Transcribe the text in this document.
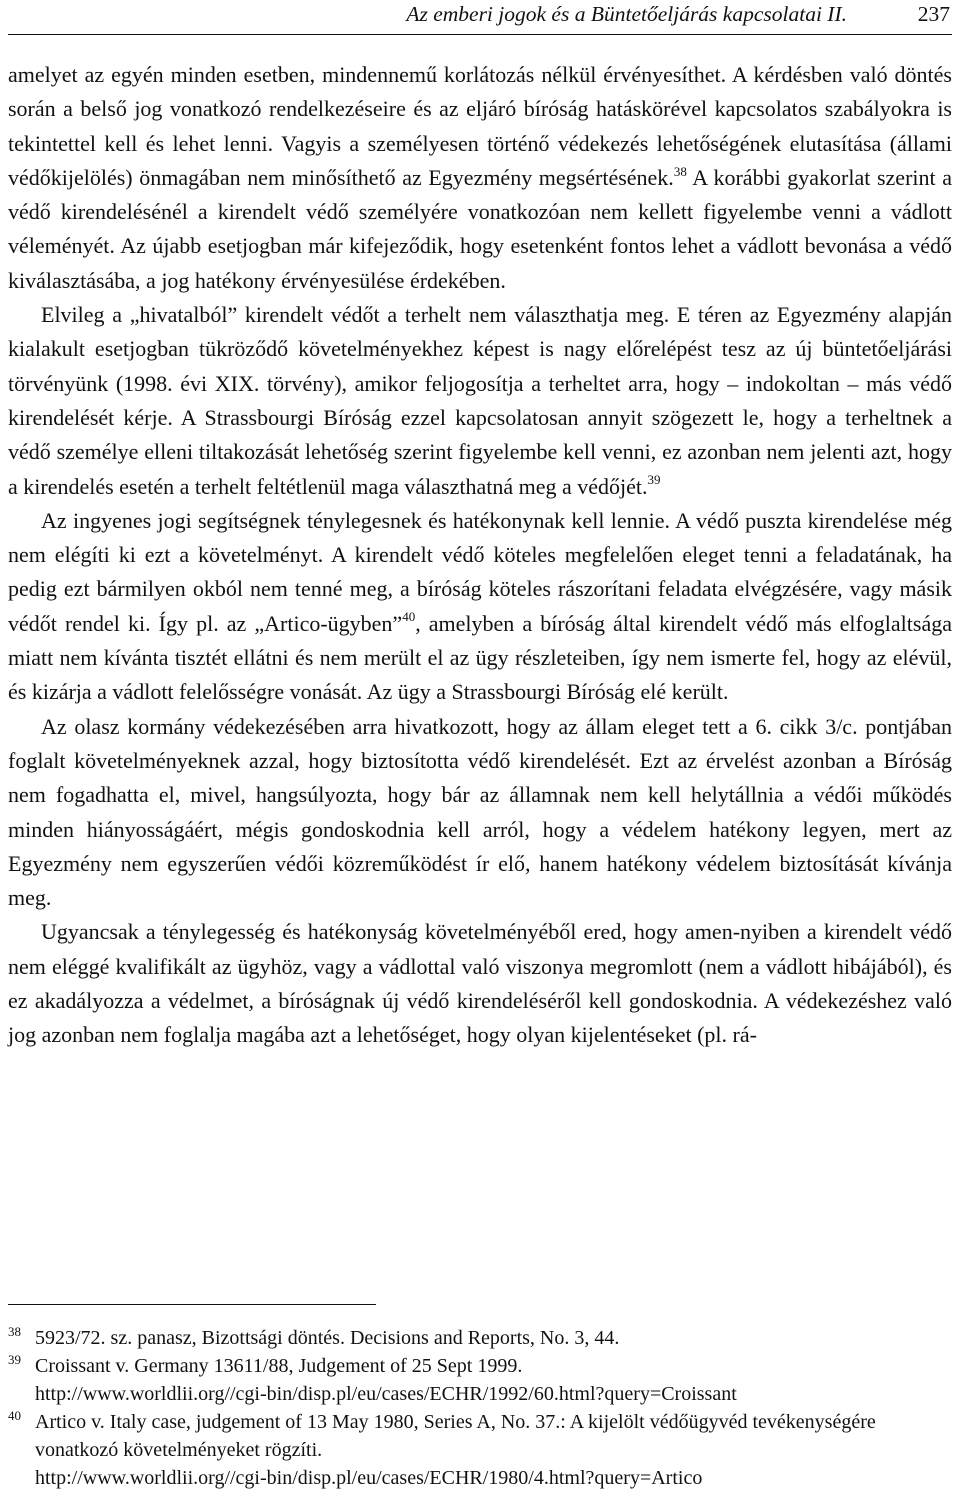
Az emberi jogok és a Büntetőeljárás kapcsolatai II.	237

amelyet az egyén minden esetben, mindennemű korlátozás nélkül érvényesíthet. A kérdésben való döntés során a belső jog vonatkozó rendelkezéseire és az eljáró bíróság hatáskörével kapcsolatos szabályokra is tekintettel kell és lehet lenni. Vagyis a személyesen történő védekezés lehetőségének elutasítása (állami védőkijelölés) önmagában nem minősíthető az Egyezmény megsértésének.$^{38}$ A korábbi gyakorlat szerint a védő kirendelésénél a kirendelt védő személyére vonatkozóan nem kellett figyelembe venni a vádlott véleményét. Az újabb esetjogban már kifejeződik, hogy esetenként fontos lehet a vádlott bevonása a védő kiválasztásába, a jog hatékony érvényesülése érdekében.

Elvileg a „hivatalból” kirendelt védőt a terhelt nem választhatja meg. E téren az Egyezmény alapján kialakult esetjogban tükröződő követelményekhez képest is nagy előrelépést tesz az új büntetőeljárási törvényünk (1998. évi XIX. törvény), amikor feljogosítja a terheltet arra, hogy – indokoltan – más védő kirendelését kérje. A Strassbourgi Bíróság ezzel kapcsolatosan annyit szögezett le, hogy a terheltnek a védő személye elleni tiltakozását lehetőség szerint figyelembe kell venni, ez azonban nem jelenti azt, hogy a kirendelés esetén a terhelt feltétlenül maga választhatná meg a védőjét.$^{39}$

Az ingyenes jogi segítségnek ténylegesnek és hatékonynak kell lennie. A védő puszta kirendelése még nem elégíti ki ezt a követelményt. A kirendelt védő köteles megfelelően eleget tenni a feladatának, ha pedig ezt bármilyen okból nem tenné meg, a bíróság köteles rászorítani feladata elvégzésére, vagy másik védőt rendel ki. Így pl. az „Artico-ügyben”$^{40}$, amelyben a bíróság által kirendelt védő más elfoglaltsága miatt nem kívánta tisztét ellátni és nem merült el az ügy részleteiben, így nem ismerte fel, hogy az elévül, és kizárja a vádlott felelősségre vonását. Az ügy a Strassbourgi Bíróság elé került.

Az olasz kormány védekezésében arra hivatkozott, hogy az állam eleget tett a 6. cikk 3/c. pontjában foglalt követelményeknek azzal, hogy biztosította védő kirendelését. Ezt az érvelést azonban a Bíróság nem fogadhatta el, mivel, hangsúlyozta, hogy bár az államnak nem kell helytállnia a védői működés minden hiányosságáért, mégis gondoskodnia kell arról, hogy a védelem hatékony legyen, mert az Egyezmény nem egyszerűen védői közreműködést ír elő, hanem hatékony védelem biztosítását kívánja meg.

Ugyancsak a ténylegesség és hatékonyság követelményéből ered, hogy amen-nyiben a kirendelt védő nem eléggé kvalifikált az ügyhöz, vagy a vádlottal való viszonya megromlott (nem a vádlott hibájából), és ez akadályozza a védelmet, a bíróságnak új védő kirendeléséről kell gondoskodnia. A védekezéshez való jog azonban nem foglalja magába azt a lehetőséget, hogy olyan kijelentéseket (pl. rá-

38 5923/72. sz. panasz, Bizottsági döntés. Decisions and Reports, No. 3, 44.
39 Croissant v. Germany 13611/88, Judgement of 25 Sept 1999.
http://www.worldlii.org//cgi-bin/disp.pl/eu/cases/ECHR/1992/60.html?query=Croissant
40 Artico v. Italy case, judgement of 13 May 1980, Series A, No. 37.: A kijelölt védőügyvéd tevékenységére vonatkozó követelményeket rögzíti.
http://www.worldlii.org//cgi-bin/disp.pl/eu/cases/ECHR/1980/4.html?query=Artico
